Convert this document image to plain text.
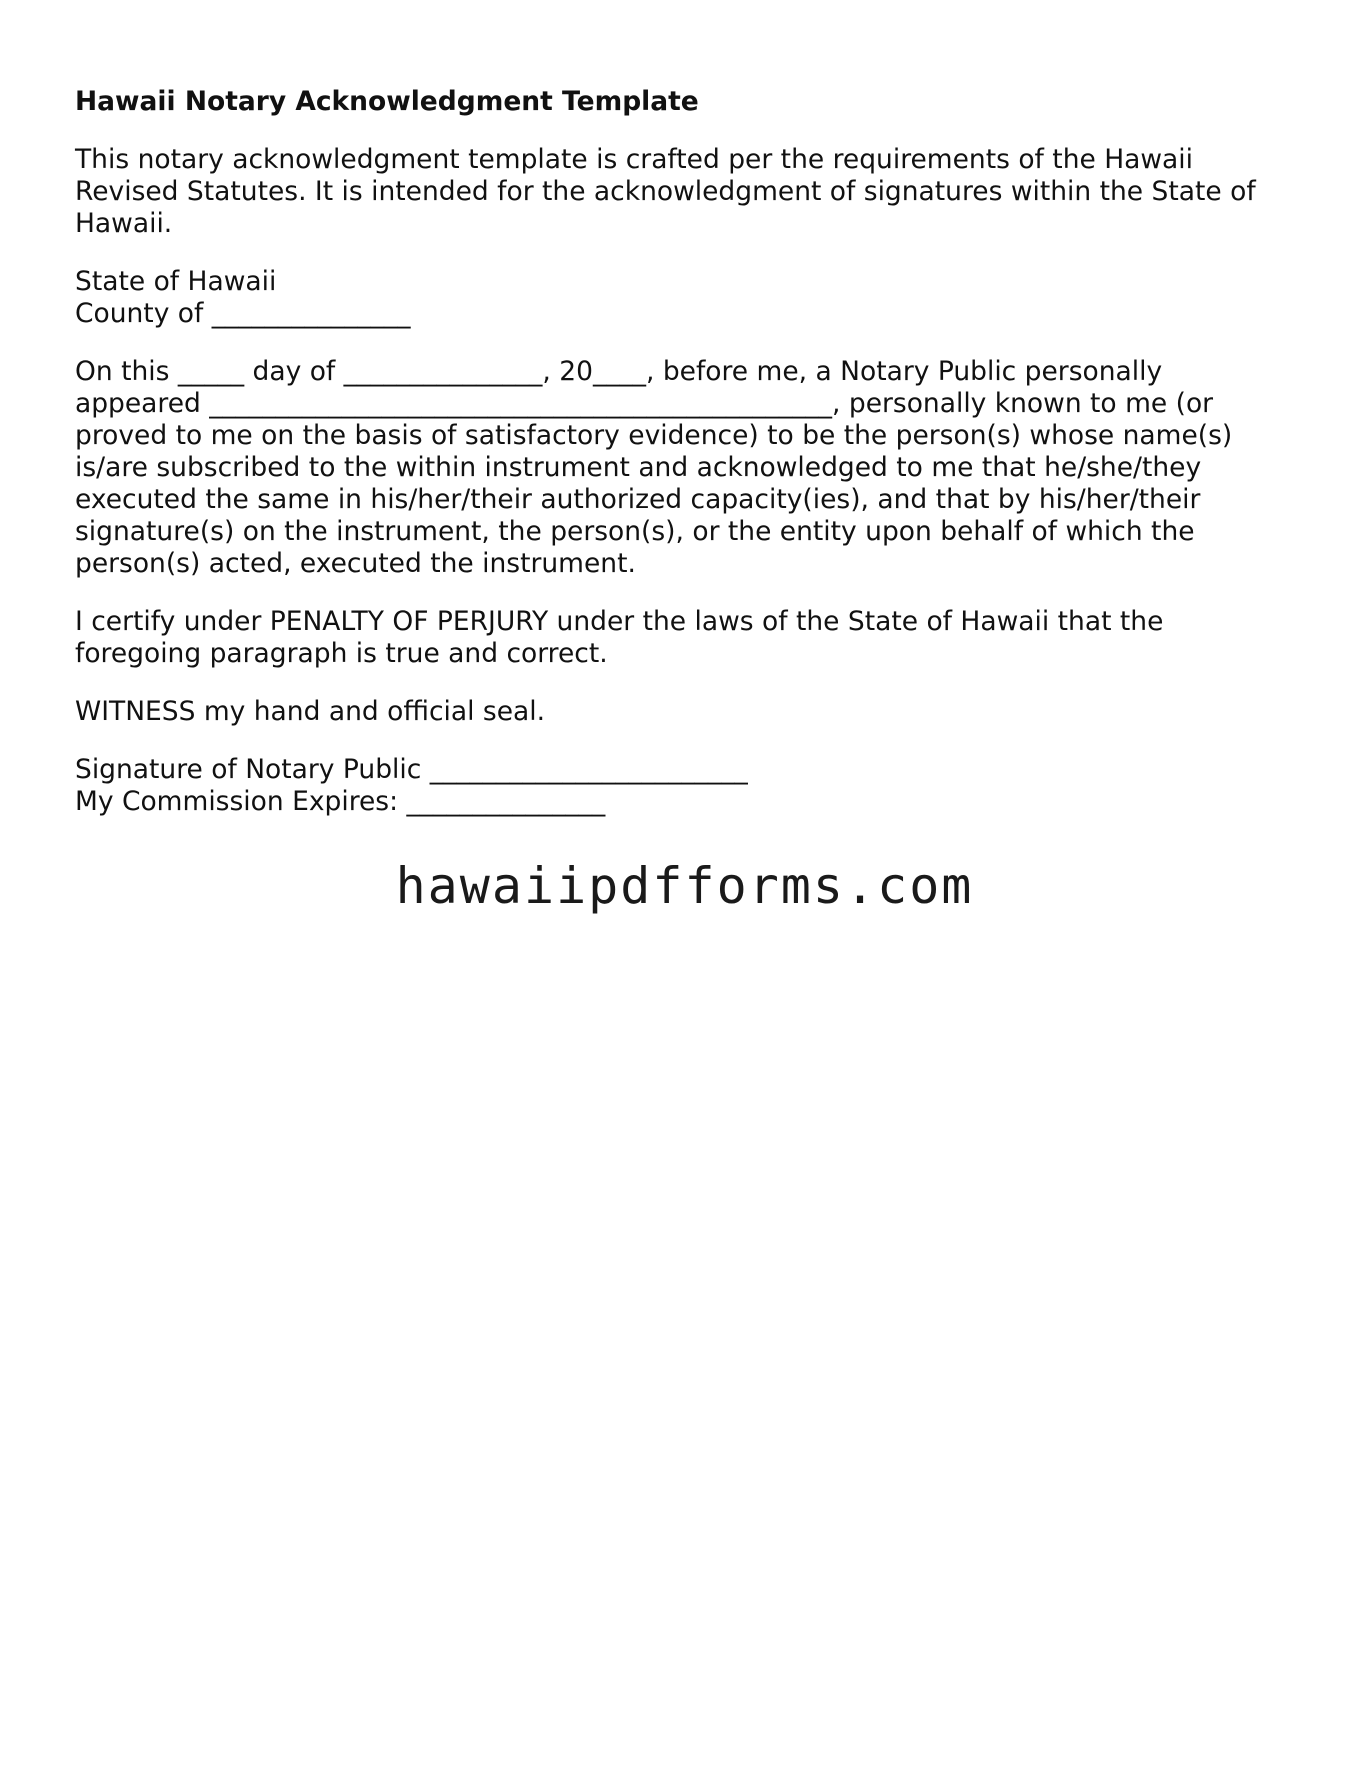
Hawaii Notary Acknowledgment Template
This notary acknowledgment template is crafted per the requirements of the Hawaii Revised Statutes. It is intended for the acknowledgment of signatures within the State of Hawaii.
State of Hawaii
County of _______________
On this _____ day of _______________, 20____, before me, a Notary Public personally
appeared _______________________________________________, personally known to me (or
proved to me on the basis of satisfactory evidence) to be the person(s) whose name(s)
is/are subscribed to the within instrument and acknowledged to me that he/she/they
executed the same in his/her/their authorized capacity(ies), and that by his/her/their
signature(s) on the instrument, the person(s), or the entity upon behalf of which the
person(s) acted, executed the instrument.
I certify under PENALTY OF PERJURY under the laws of the State of Hawaii that the
foregoing paragraph is true and correct.
WITNESS my hand and official seal.
Signature of Notary Public ________________________
My Commission Expires: _______________
hawaiipdfforms.com
